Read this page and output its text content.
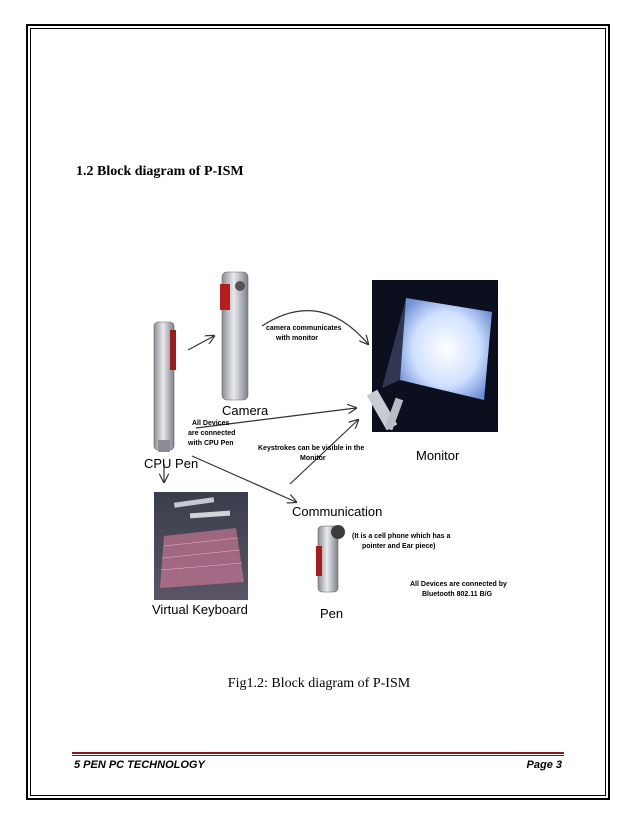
1.2 Block diagram of P-ISM
Camera
CPU Pen
Monitor
Communication
Virtual Keyboard	Pen
camera communicates
with monitor
All Devices
are connected
with CPU Pen
Keystrokes can be visible in the
Monitor
(It is a cell phone which has a
pointer and Ear piece)
All Devices are connected by
Bluetooth 802.11 B/G
Fig1.2: Block diagram of P-ISM
5 PEN PC TECHNOLOGY	Page 3
